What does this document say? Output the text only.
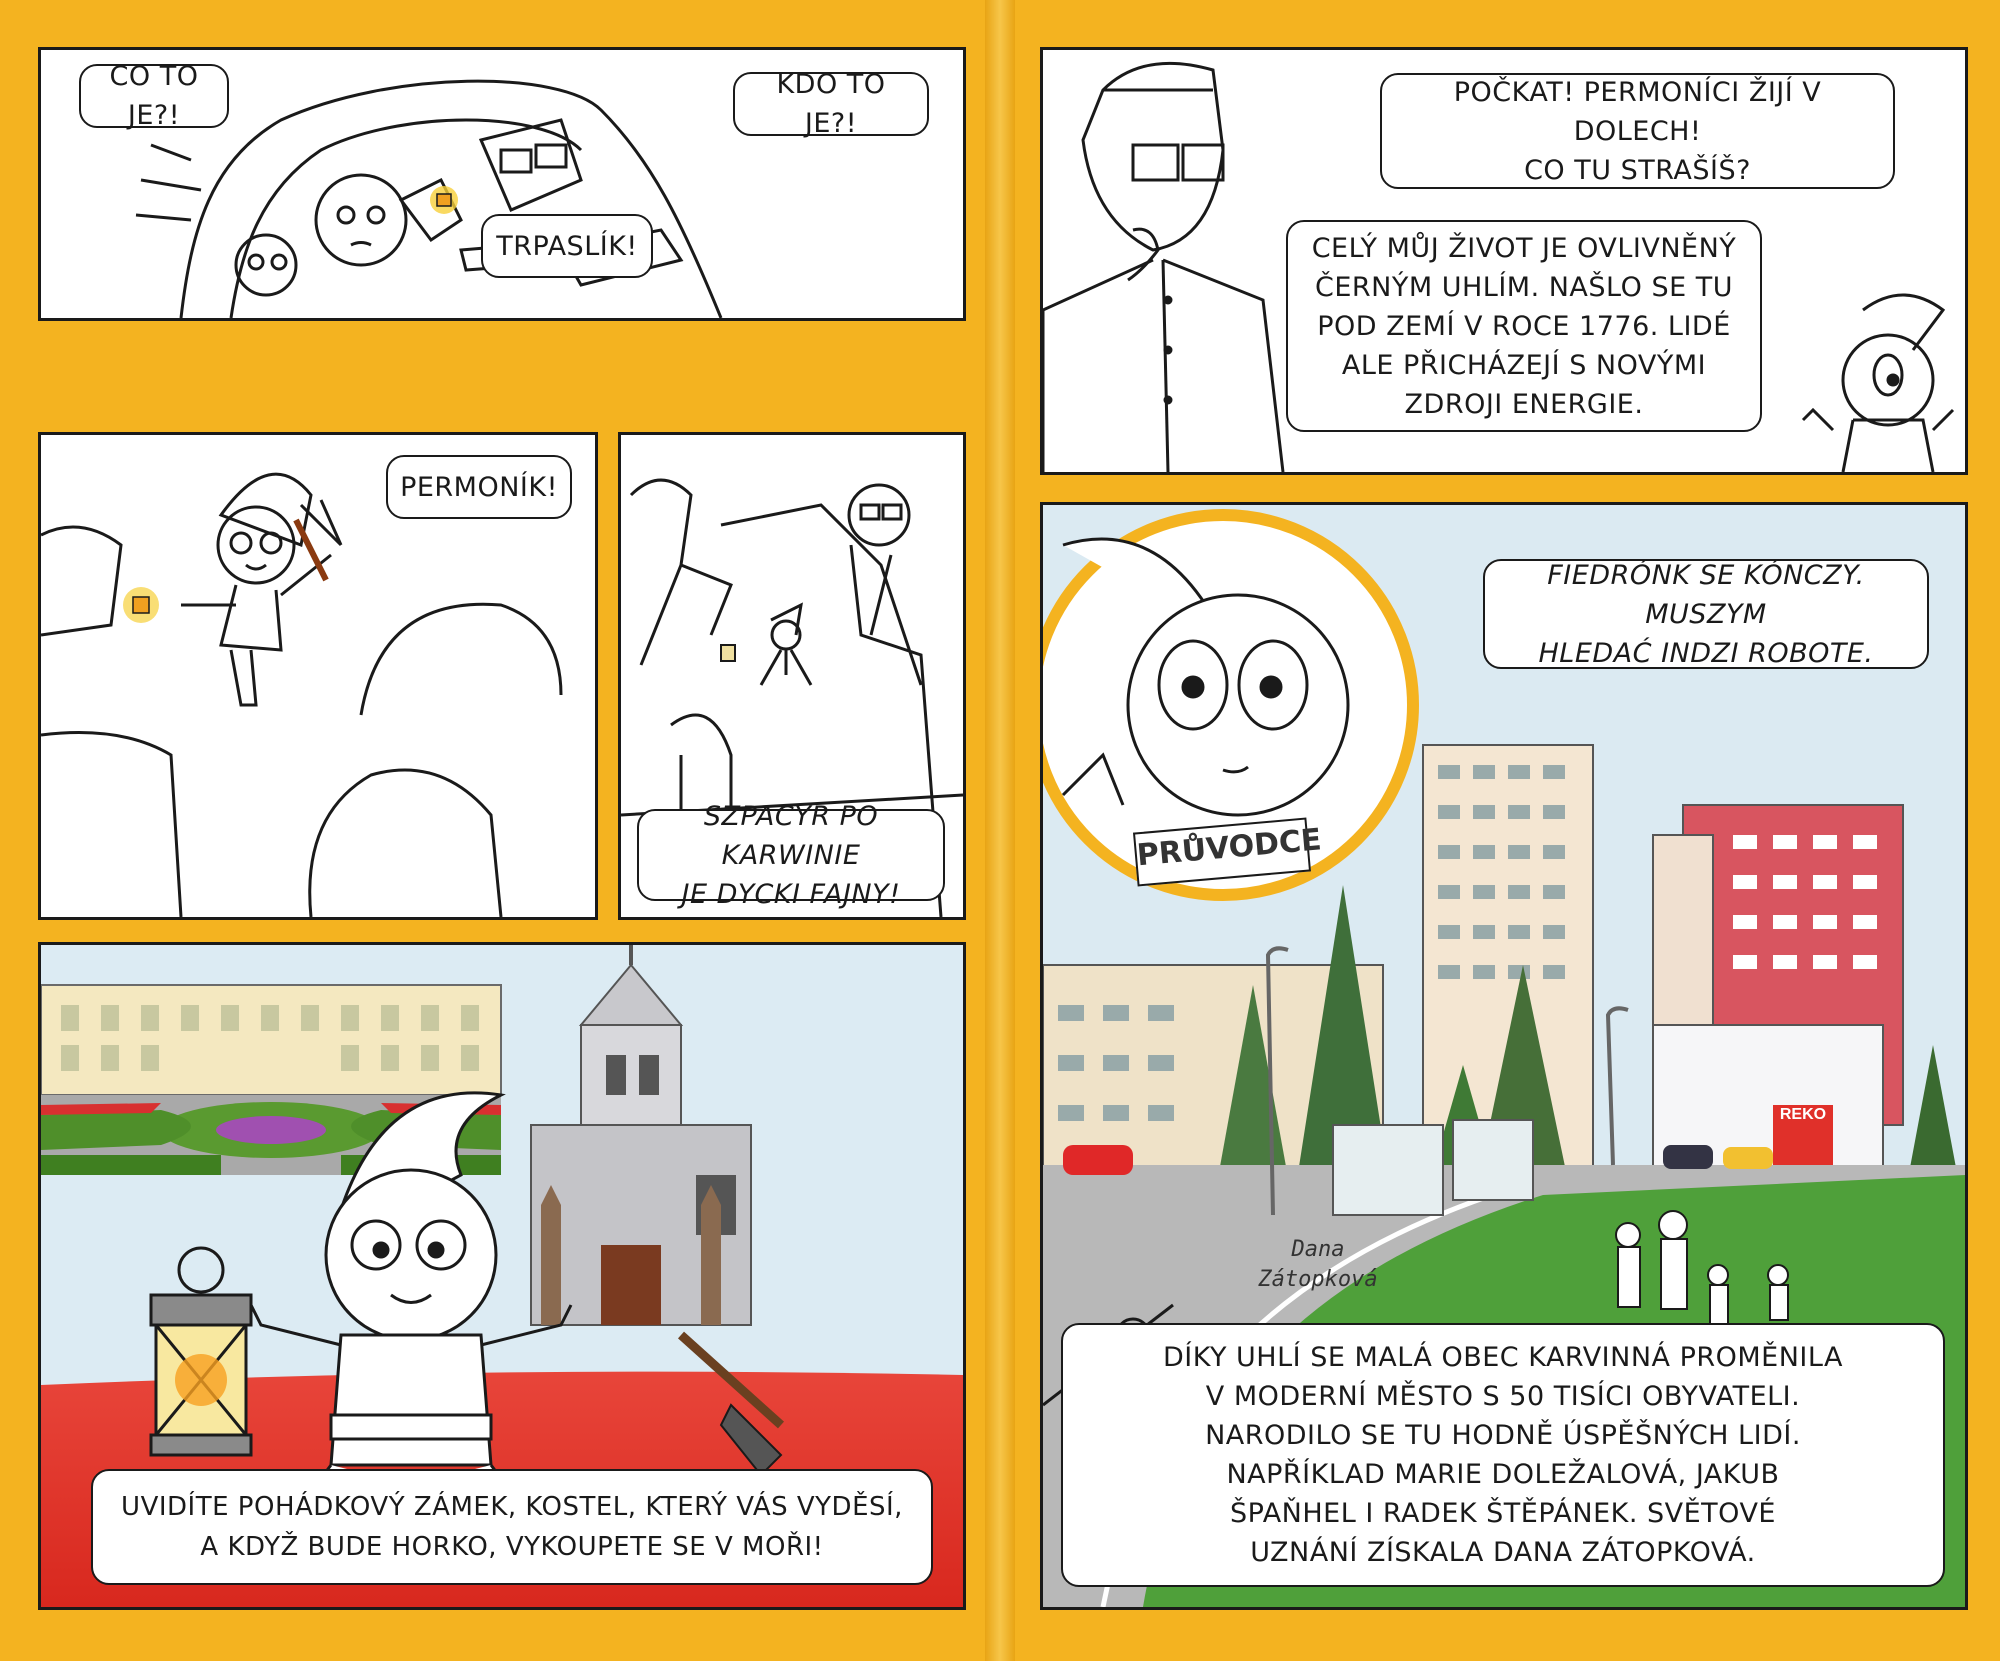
CO TO JE?!
KDO TO JE?!
TRPASLÍK!
PERMONÍK!
SZPACYR PO KARWINIE
JE DYCKI FAJNY!
UVIDÍTE POHÁDKOVÝ ZÁMEK, KOSTEL, KTERÝ VÁS VYDĚSÍ,
A KDYŽ BUDE HORKO, VYKOUPETE SE V MOŘI!
POČKAT! PERMONÍCI ŽIJÍ V DOLECH!
CO TU STRAŠÍŠ?
CELÝ MŮJ ŽIVOT JE OVLIVNĚNÝ
ČERNÝM UHLÍM. NAŠLO SE TU
POD ZEMÍ V ROCE 1776. LIDÉ
ALE PŘICHÁZEJÍ S NOVÝMI
ZDROJI ENERGIE.
FIEDRÓNK SE KÓNCZY. MUSZYM
HLEDAĆ INDZI ROBOTE.
PRŮVODCE
REKO
Dana
Zátopková
DÍKY UHLÍ SE MALÁ OBEC KARVINNÁ PROMĚNILA
V MODERNÍ MĚSTO S 50 TISÍCI OBYVATELI.
NARODILO SE TU HODNĚ ÚSPĚŠNÝCH LIDÍ.
NAPŘÍKLAD MARIE DOLEŽALOVÁ, JAKUB
ŠPAŇHEL I RADEK ŠTĚPÁNEK. SVĚTOVÉ
UZNÁNÍ ZÍSKALA DANA ZÁTOPKOVÁ.
